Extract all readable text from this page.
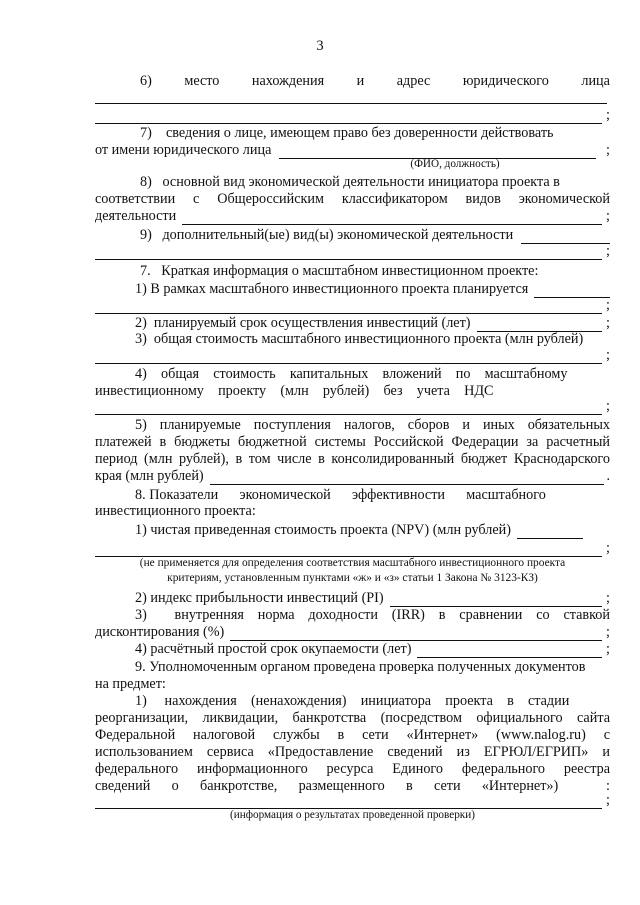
3
6) место нахождения и адрес юридического лица
;
7)    сведения о лице, имеющем право без доверенности действовать
от имени юридического лица	;
(ФИО, должность)
8)   основной вид экономической деятельности инициатора проекта в
соответствии с Общероссийским классификатором видов экономической
деятельности	;
9)   дополнительный(ые) вид(ы) экономической деятельности
;
7.   Краткая информация о масштабном инвестиционном проекте:
1) В рамках масштабного инвестиционного проекта планируется
;
2)  планируемый срок осуществления инвестиций (лет)	;
3)  общая стоимость масштабного инвестиционного проекта (млн рублей)
;
4)    общая    стоимость    капитальных    вложений    по    масштабному
инвестиционному    проекту    (млн    рублей)    без    учета    НДС
;
5) планируемые поступления налогов, сборов и иных обязательных
платежей в бюджеты бюджетной системы Российской Федерации за расчетный
период (млн рублей), в том числе в консолидированный бюджет Краснодарского
края (млн рублей)	.
8. Показатели      экономической      эффективности      масштабного
инвестиционного проекта:
1) чистая приведенная стоимость проекта (NPV) (млн рублей)
;
(не применяется для определения соответствия масштабного инвестиционного проекта
критериям, установленным пунктами «ж» и «з» статьи 1 Закона № 3123-КЗ)
2) индекс прибыльности инвестиций (PI)	;
3)  внутренняя норма доходности (IRR) в сравнении со ставкой
дисконтирования (%)	;
4) расчётный простой срок окупаемости (лет)	;
9. Уполномоченным органом проведена проверка полученных документов
на предмет:
1)     нахождения    (ненахождения)    инициатора    проекта    в    стадии
реорганизации, ликвидации, банкротства (посредством официального сайта
Федеральной налоговой службы в сети «Интернет» (www.nalog.ru) с
использованием сервиса «Предоставление сведений из ЕГРЮЛ/ЕГРИП» и
федерального информационного ресурса Единого федерального реестра
сведений      о      банкротстве,      размещенного      в      сети      «Интернет»)	:
;
(информация о результатах проведенной проверки)
